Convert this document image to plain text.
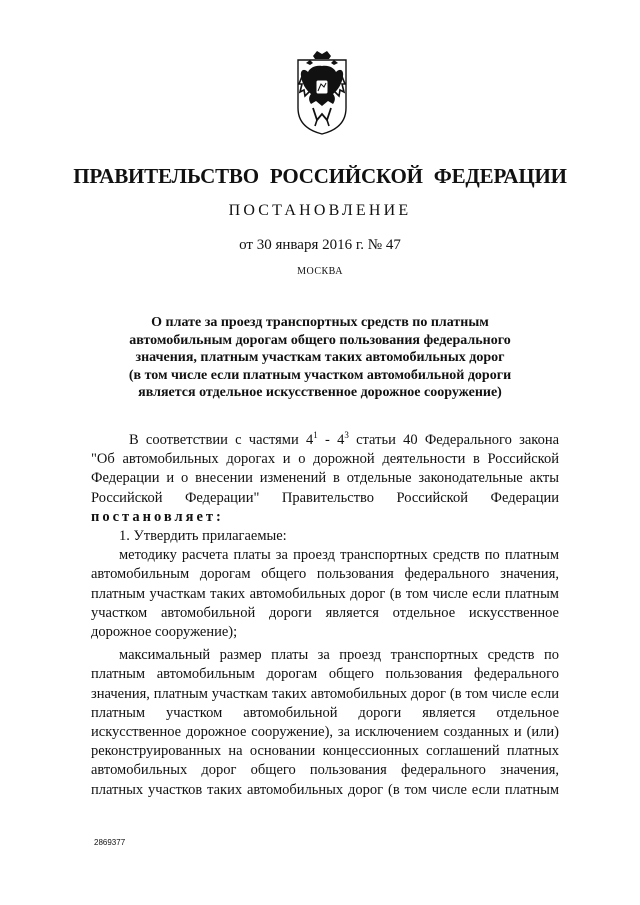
ПРАВИТЕЛЬСТВО РОССИЙСКОЙ ФЕДЕРАЦИИ
ПОСТАНОВЛЕНИЕ
от 30 января 2016 г. № 47
МОСКВА
О плате за проезд транспортных средств по платным
автомобильным дорогам общего пользования федерального
значения, платным участкам таких автомобильных дорог
(в том числе если платным участком автомобильной дороги
является отдельное искусственное дорожное сооружение)
В соответствии с частями $4^1 - 4^3$ статьи 40 Федерального закона
"Об автомобильных дорогах и о дорожной деятельности в Российской
Федерации и о внесении изменений в отдельные законодательные акты
Российской Федерации" Правительство Российской Федерации
постановляет:
1. Утвердить прилагаемые:
методику расчета платы за проезд транспортных средств по платным
автомобильным дорогам общего пользования федерального значения,
платным участкам таких автомобильных дорог (в том числе если платным
участком автомобильной дороги является отдельное искусственное
дорожное сооружение);
максимальный размер платы за проезд транспортных средств по
платным автомобильным дорогам общего пользования федерального
значения, платным участкам таких автомобильных дорог (в том числе если
платным участком автомобильной дороги является отдельное
искусственное дорожное сооружение), за исключением созданных и (или)
реконструированных на основании концессионных соглашений платных
автомобильных дорог общего пользования федерального значения,
платных участков таких автомобильных дорог (в том числе если платным
2869377
